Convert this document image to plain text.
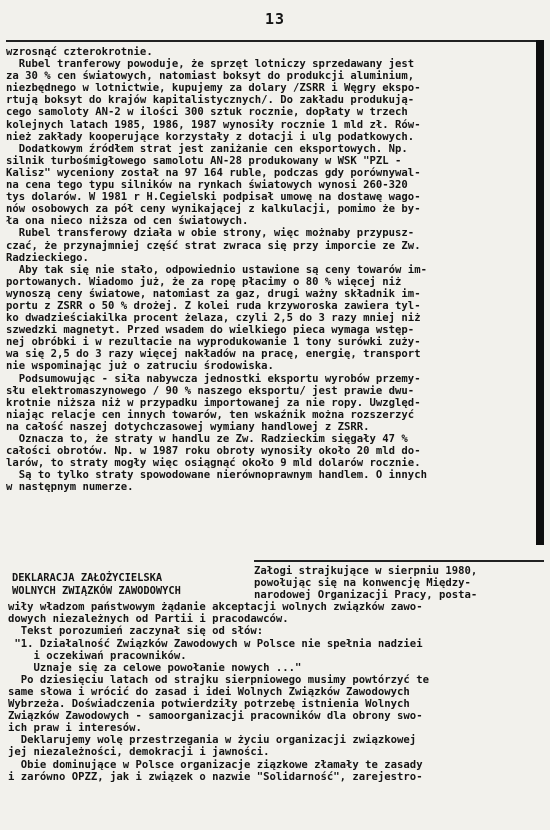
13
wzrosnąć czterokrotnie.
Rubel tranferowy powoduje, że sprzęt lotniczy sprzedawany jest
za 30 % cen światowych, natomiast boksyt do produkcji aluminium,
niezbędnego w lotnictwie, kupujemy za dolary /ZSRR i Węgry ekspo-
rtują boksyt do krajów kapitalistycznych/. Do zakładu produkują-
cego samoloty AN-2 w ilości 300 sztuk rocznie, dopłaty w trzech
kolejnych latach 1985, 1986, 1987 wynosiły rocznie 1 mld zł. Rów-
nież zakłady kooperujące korzystały z dotacji i ulg podatkowych.
Dodatkowym źródłem strat jest zaniżanie cen eksportowych. Np.
silnik turbośmigłowego samolotu AN-28 produkowany w WSK "PZL -
Kalisz" wyceniony został na 97 164 ruble, podczas gdy porównywal-
na cena tego typu silników na rynkach światowych wynosi 260-320
tys dolarów. W 1981 r H.Cegielski podpisał umowę na dostawę wago-
nów osobowych za pół ceny wynikającej z kalkulacji, pomimo że by-
ła ona nieco niższa od cen światowych.
Rubel transferowy działa w obie strony, więc możnaby przypusz-
czać, że przynajmniej część strat zwraca się przy imporcie ze Zw.
Radzieckiego.
Aby tak się nie stało, odpowiednio ustawione są ceny towarów im-
portowanych. Wiadomo już, że za ropę płacimy o 80 % więcej niż
wynoszą ceny światowe, natomiast za gaz, drugi ważny składnik im-
portu z ZSRR o 50 % drożej. Z kolei ruda krzyworoska zawiera tyl-
ko dwadzieściakilka procent żelaza, czyli 2,5 do 3 razy mniej niż
szwedzki magnetyt. Przed wsadem do wielkiego pieca wymaga wstęp-
nej obróbki i w rezultacie na wyprodukowanie 1 tony surówki zużу-
wa się 2,5 do 3 razy więcej nakładów na pracę, energię, transport
nie wspominając już o zatruciu środowiska.
Podsumowując - siła nabywcza jednostki eksportu wyrobów przemy-
słu elektromaszynowego / 90 % naszego eksportu/ jest prawie dwu-
krotnie niższa niż w przypadku importowanej za nie ropy. Uwzględ-
niając relacje cen innych towarów, ten wskaźnik można rozszerzyć
na całość naszej dotychczasowej wymiany handlowej z ZSRR.
Oznacza to, że straty w handlu ze Zw. Radzieckim sięgały 47 %
całości obrotów. Np. w 1987 roku obroty wynosiły około 20 mld do-
larów, to straty mogły więc osiągnąć około 9 mld dolarów rocznie.
Są to tylko straty spowodowane nierównoprawnym handlem. O innych
w następnym numerze.
DEKLARACJA ZAŁOŻYCIELSKA
WOLNYCH ZWIĄZKÓW ZAWODOWYCH
Załogi strajkujące w sierpniu 1980,
powołując się na konwencję Między-
narodowej Organizacji Pracy, posta-
wiły władzom państwowym żądanie akceptacji wolnych związków zawo-
dowych niezależnych od Partii i pracodawców.
Tekst porozumień zaczynał się od słów:
"1. Działalność Związków Zawodowych w Polsce nie spełnia nadziei
i oczekiwań pracowników.
Uznaje się za celowe powołanie nowych ..."
Po dziesięciu latach od strajku sierpniowego musimy powtórzyć te
same słowa i wrócić do zasad i idei Wolnych Związków Zawodowych
Wybrzeża. Doświadczenia potwierdziły potrzebę istnienia Wolnych
Związków Zawodowych - samoorganizacji pracowników dla obrony swo-
ich praw i interesów.
Deklarujemy wolę przestrzegania w życiu organizacji związkowej
jej niezależności, demokracji i jawności.
Obie dominujące w Polsce organizacje ziązkowe złamały te zasady
i zarówno OPZZ, jak i związek o nazwie "Solidarność", zarejestro-
